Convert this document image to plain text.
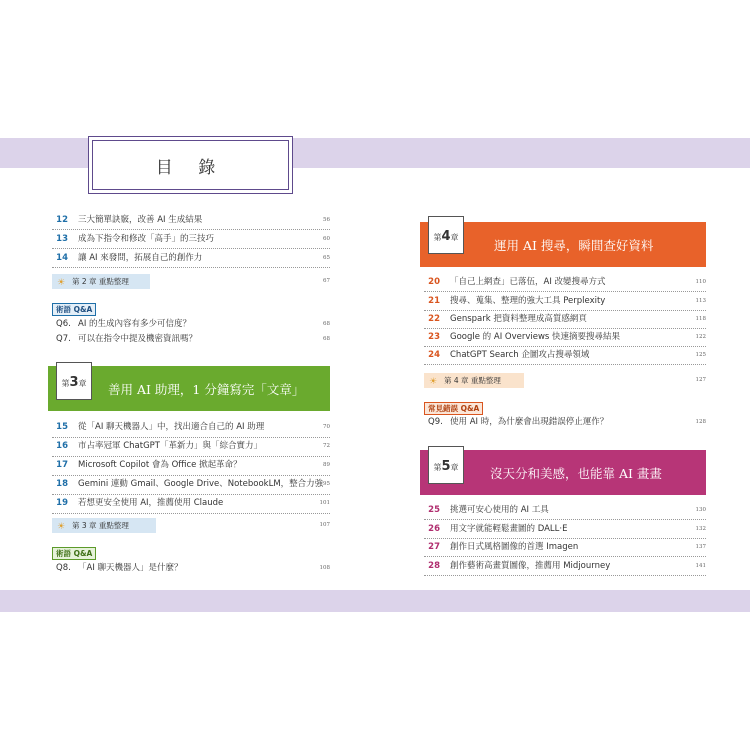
目 錄
12 三大簡單訣竅，改善 AI 生成結果	56
13 成為下指令和修改「高手」的三技巧	60
14 讓 AI 來發問，拓展自己的創作力	65
☀ 第 2 章 重點整理	67
術語 Q&A
Q6. AI 的生成內容有多少可信度？	68
Q7. 可以在指令中提及機密資訊嗎？	68
第3章	善用 AI 助理，1 分鐘寫完「文章」
15 從「AI 聊天機器人」中，找出適合自己的 AI 助理	70
16 市占率冠軍 ChatGPT「革新力」與「綜合實力」	72
17 Microsoft Copilot 會為 Office 掀起革命？	89
18 Gemini 連動 Gmail、Google Drive、NotebookLM，整合力強 95
19 若想更安全使用 AI，推薦使用 Claude	101
☀ 第 3 章 重點整理	107
術語 Q&A
Q8. 「AI 聊天機器人」是什麼？	108
第4章
運用 AI 搜尋，瞬間查好資料
20 「自己上網查」已落伍，AI 改變搜尋方式	110
21 搜尋、蒐集、整理的強大工具 Perplexity	113
22 Genspark 把資料整理成高質感網頁	118
23 Google 的 AI Overviews 快速摘要搜尋結果	122
24 ChatGPT Search 企圖攻占搜尋領域	125
☀ 第 4 章 重點整理	127
常見錯誤 Q&A
Q9. 使用 AI 時，為什麼會出現錯誤停止運作？	128
第5章	沒天分和美感，也能靠 AI 畫畫
25 挑選可安心使用的 AI 工具	130
26 用文字就能輕鬆畫圖的 DALL·E	132
27 創作日式風格圖像的首選 Imagen	137
28 創作藝術高畫質圖像，推薦用 Midjourney	141
